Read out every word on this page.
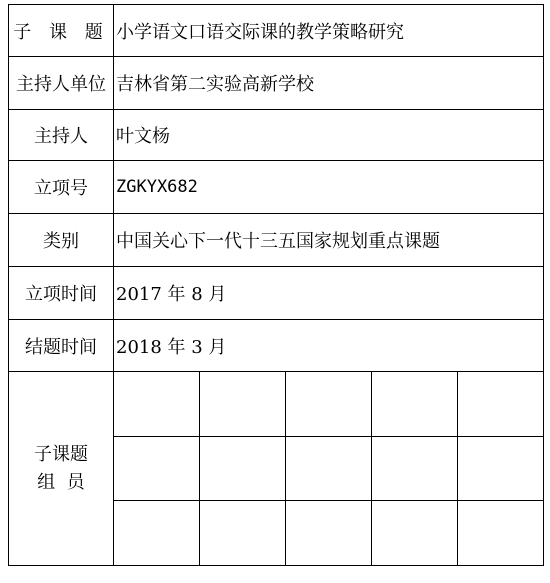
子 课 题	小学语文口语交际课的教学策略研究
主持人单位	吉林省第二实验高新学校
主持人	叶文杨
立项号	ZGKYX682
类别	中国关心下一代十三五国家规划重点课题
立项时间	2017 年 8 月
结题时间	2018 年 3 月

子课题
组  员
